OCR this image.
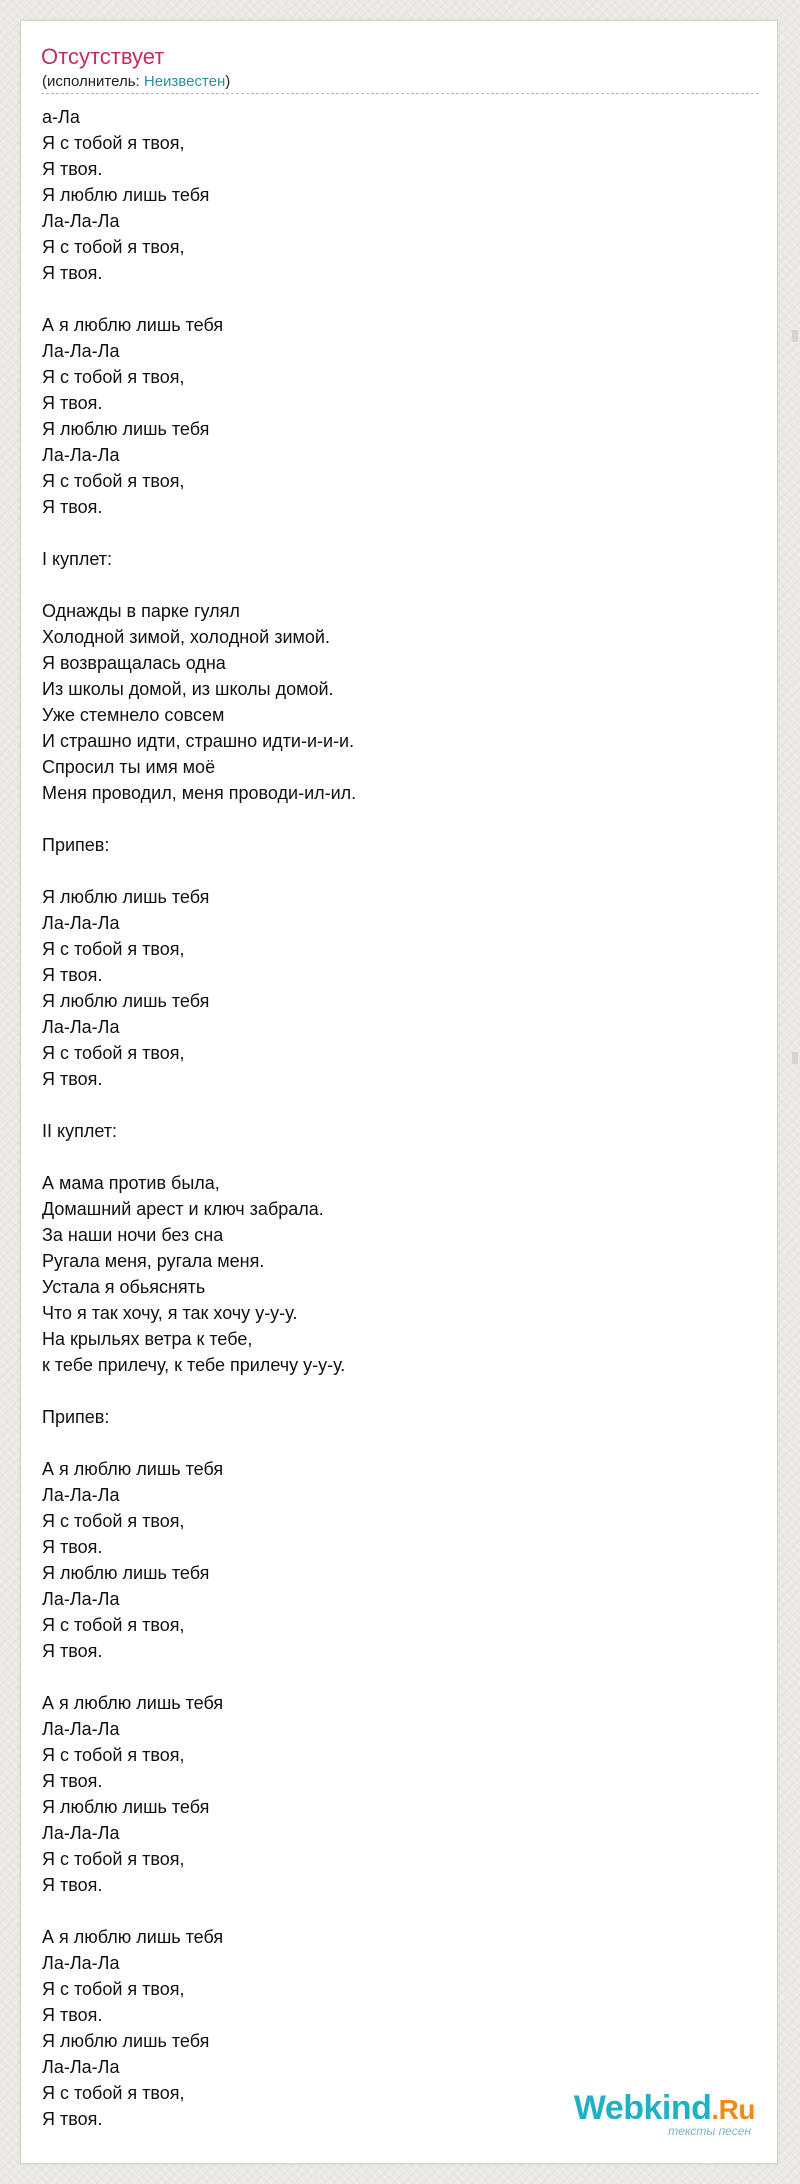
Отсутствует
(исполнитель: Неизвестен)
а-Ла
Я с тобой я твоя,
Я твоя.
Я люблю лишь тебя
Ла-Ла-Ла
Я с тобой я твоя,
Я твоя.
А я люблю лишь тебя
Ла-Ла-Ла
Я с тобой я твоя,
Я твоя.
Я люблю лишь тебя
Ла-Ла-Ла
Я с тобой я твоя,
Я твоя.
I куплет:
Однажды в парке гулял
Холодной зимой, холодной зимой.
Я возвращалась одна
Из школы домой, из школы домой.
Уже стемнело совсем
И страшно идти, страшно идти-и-и-и.
Спросил ты имя моё
Меня проводил, меня проводи-ил-ил.
Припев:
Я люблю лишь тебя
Ла-Ла-Ла
Я с тобой я твоя,
Я твоя.
Я люблю лишь тебя
Ла-Ла-Ла
Я с тобой я твоя,
Я твоя.
II куплет:
А мама против была,
Домашний арест и ключ забрала.
За наши ночи без сна
Ругала меня, ругала меня.
Устала я обьяснять
Что я так хочу, я так хочу у-у-у.
На крыльях ветра к тебе,
к тебе прилечу, к тебе прилечу у-у-у.
Припев:
А я люблю лишь тебя
Ла-Ла-Ла
Я с тобой я твоя,
Я твоя.
Я люблю лишь тебя
Ла-Ла-Ла
Я с тобой я твоя,
Я твоя.
А я люблю лишь тебя
Ла-Ла-Ла
Я с тобой я твоя,
Я твоя.
Я люблю лишь тебя
Ла-Ла-Ла
Я с тобой я твоя,
Я твоя.
А я люблю лишь тебя
Ла-Ла-Ла
Я с тобой я твоя,
Я твоя.
Я люблю лишь тебя
Ла-Ла-Ла
Я с тобой я твоя,
Я твоя.	Webkind.Ru
тексты песен
